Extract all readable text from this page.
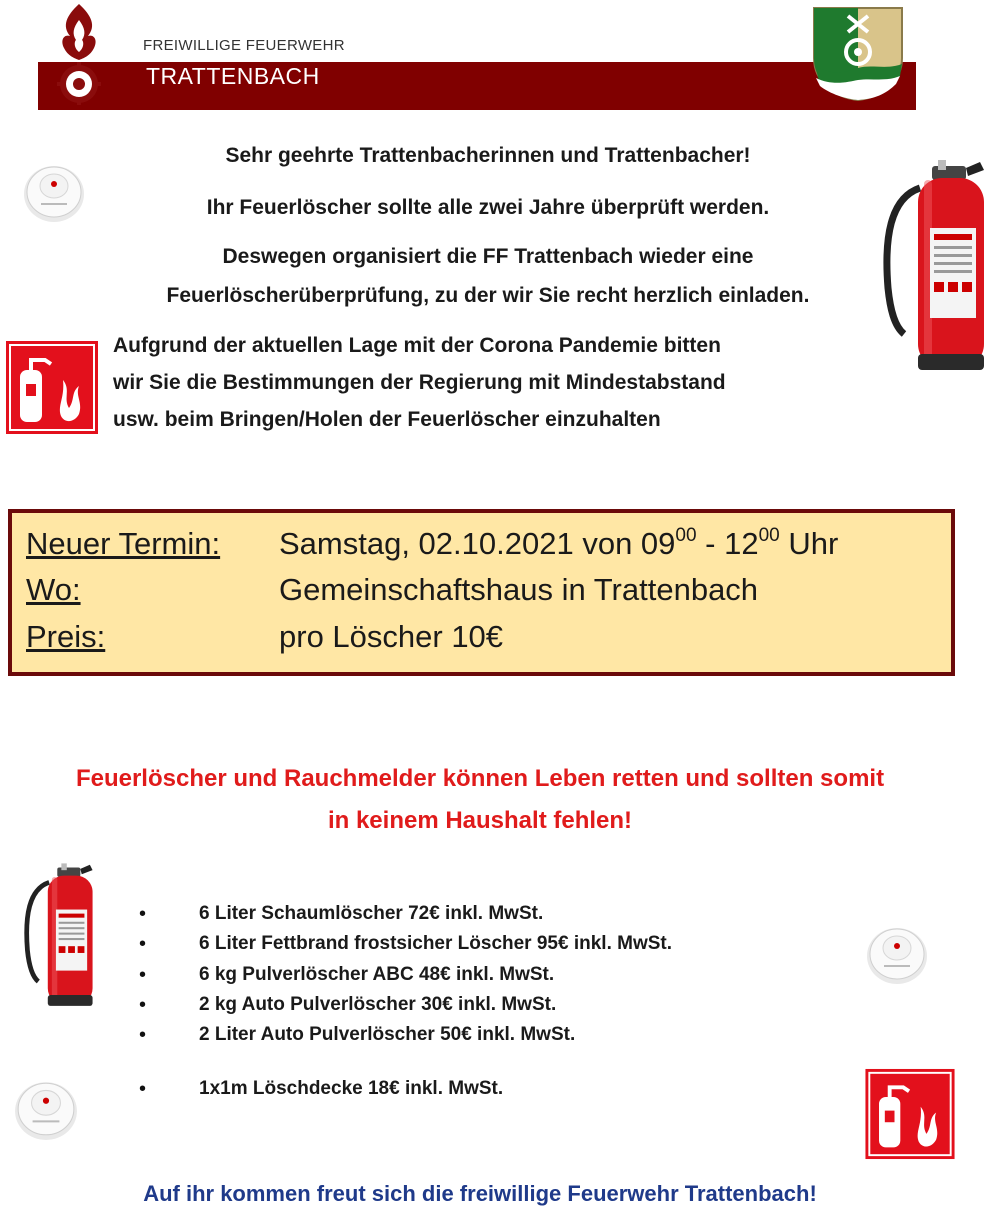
FREIWILLIGE FEUERWEHR
TRATTENBACH
Sehr geehrte Trattenbacherinnen und Trattenbacher!
Ihr Feuerlöscher sollte alle zwei Jahre überprüft werden.
Deswegen organisiert die FF Trattenbach wieder eine
Feuerlöscherüberprüfung, zu der wir Sie recht herzlich einladen.
Aufgrund der aktuellen Lage mit der Corona Pandemie bitten
wir Sie die Bestimmungen der Regierung mit Mindestabstand
usw. beim Bringen/Holen der Feuerlöscher einzuhalten
Neuer Termin: Samstag, 02.10.2021 von $09^{00} - 12^{00}$ Uhr
Wo:	Gemeinschaftshaus in Trattenbach
Preis:	pro Löscher 10€
Feuerlöscher und Rauchmelder können Leben retten und sollten somit
in keinem Haushalt fehlen!
•	6 Liter Schaumlöscher 72€ inkl. MwSt.
•	6 Liter Fettbrand frostsicher Löscher 95€ inkl. MwSt.
•	6 kg Pulverlöscher ABC 48€ inkl. MwSt.
•	2 kg Auto Pulverlöscher 30€ inkl. MwSt.
•	2 Liter Auto Pulverlöscher 50€ inkl. MwSt.
•	1x1m Löschdecke 18€ inkl. MwSt.
Auf ihr kommen freut sich die freiwillige Feuerwehr Trattenbach!
